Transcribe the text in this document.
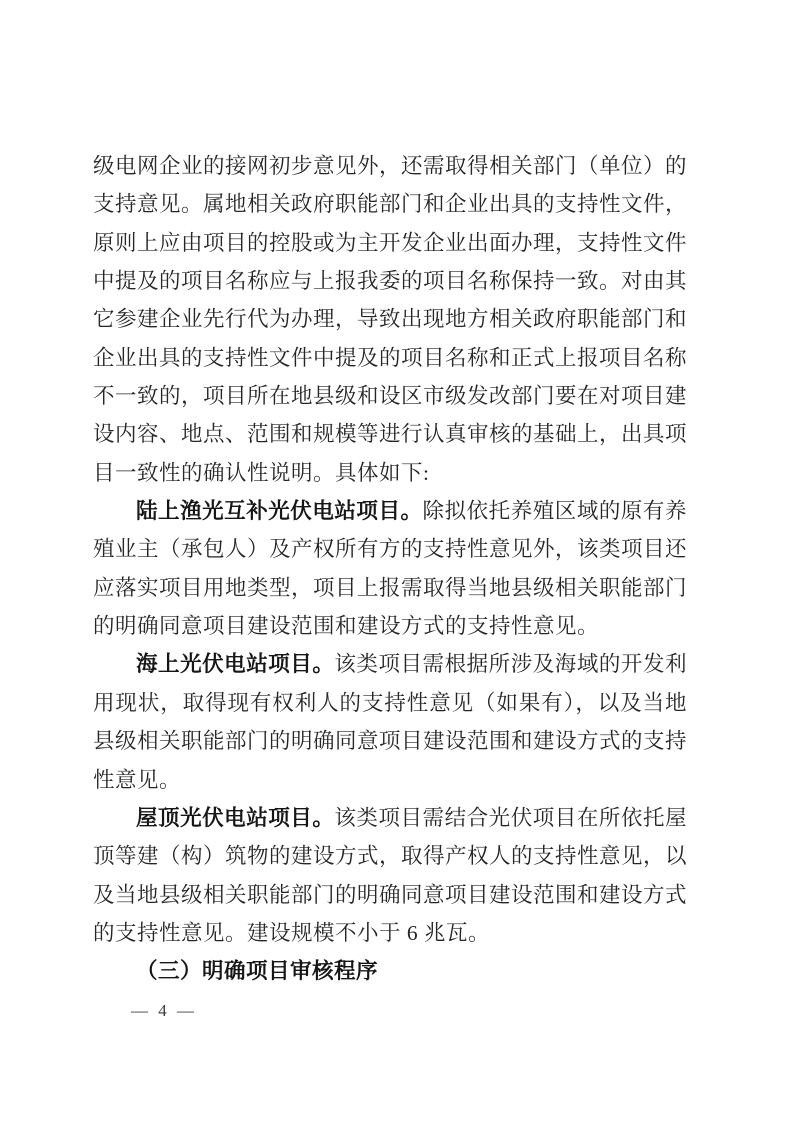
级电网企业的接网初步意见外，还需取得相关部门（单位）的
支持意见。属地相关政府职能部门和企业出具的支持性文件，
原则上应由项目的控股或为主开发企业出面办理，支持性文件
中提及的项目名称应与上报我委的项目名称保持一致。对由其
它参建企业先行代为办理，导致出现地方相关政府职能部门和
企业出具的支持性文件中提及的项目名称和正式上报项目名称
不一致的，项目所在地县级和设区市级发改部门要在对项目建
设内容、地点、范围和规模等进行认真审核的基础上，出具项
目一致性的确认性说明。具体如下:
陆上渔光互补光伏电站项目。除拟依托养殖区域的原有养
殖业主（承包人）及产权所有方的支持性意见外，该类项目还
应落实项目用地类型，项目上报需取得当地县级相关职能部门
的明确同意项目建设范围和建设方式的支持性意见。
海上光伏电站项目。该类项目需根据所涉及海域的开发利
用现状，取得现有权利人的支持性意见（如果有），以及当地
县级相关职能部门的明确同意项目建设范围和建设方式的支持
性意见。
屋顶光伏电站项目。该类项目需结合光伏项目在所依托屋
顶等建（构）筑物的建设方式，取得产权人的支持性意见，以
及当地县级相关职能部门的明确同意项目建设范围和建设方式
的支持性意见。建设规模不小于 6 兆瓦。
（三）明确项目审核程序
— 4 —
